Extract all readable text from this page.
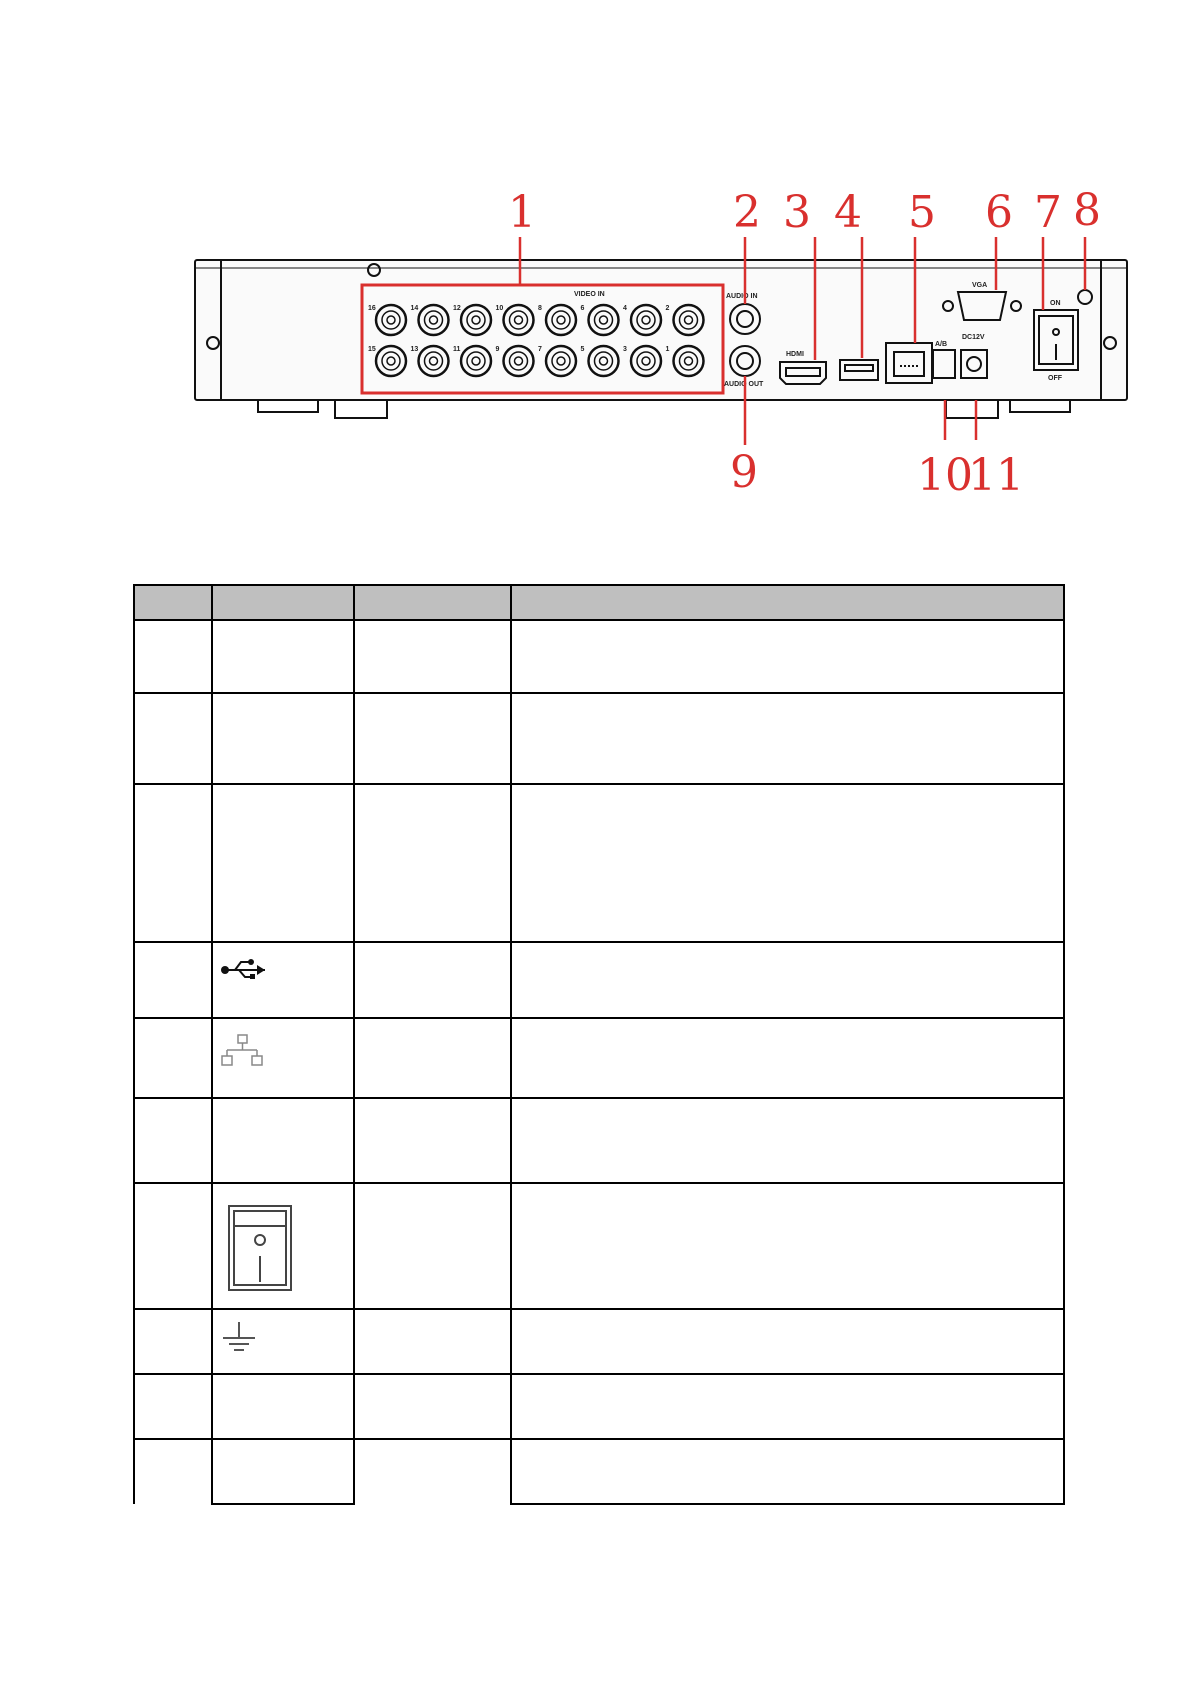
VIDEO IN
16	14	12	10	8	6	4	2
15	13	11	9	7	5	3	1
AUDIO IN
AUDIO OUT
HDMI
VGA
A/B
DC12V
ON
OFF
1	2 3 4 5 6 7 8
9	10
11
